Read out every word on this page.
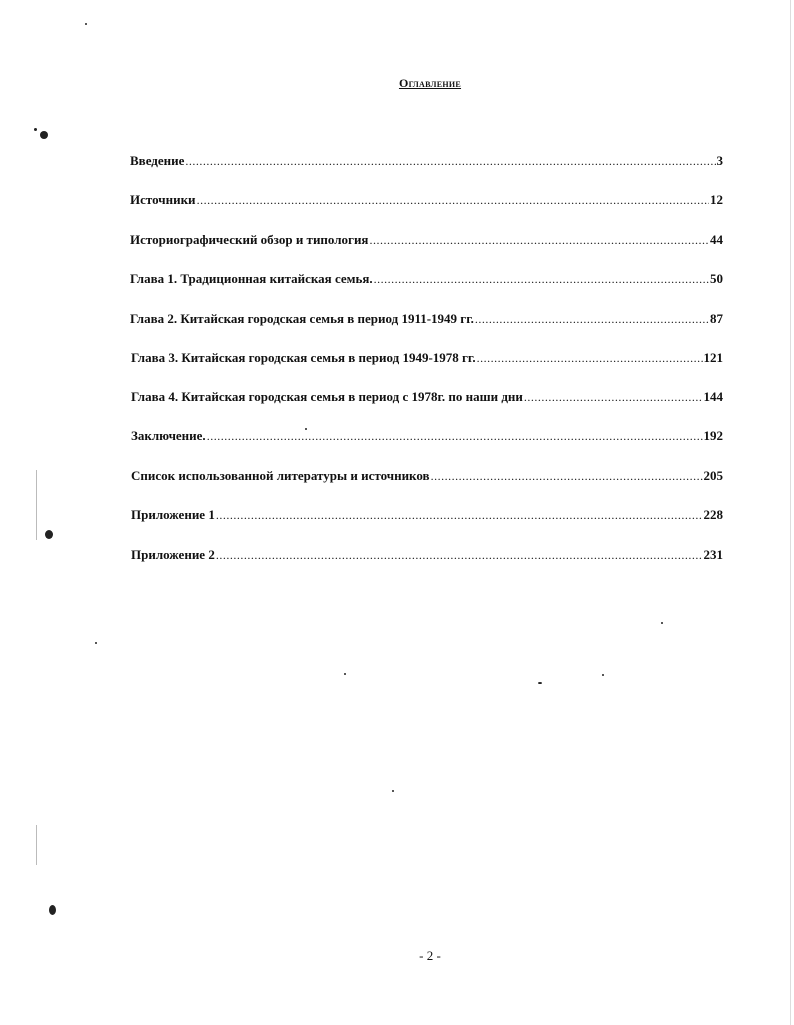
Оглавление
Введение .....	3
Источники .....	12
Историографический обзор и типология .....	44
Глава 1. Традиционная китайская семья. .....	50
Глава 2. Китайская городская семья в период 1911-1949 гг. .....	87
Глава 3. Китайская городская семья в период 1949-1978 гг. .....	121
Глава 4. Китайская городская семья в период с 1978г. по наши дни .....	144
Заключение. .....	192
Список использованной литературы и источников .....	205
Приложение 1 .....	228
Приложение 2 .....	231
- 2 -
